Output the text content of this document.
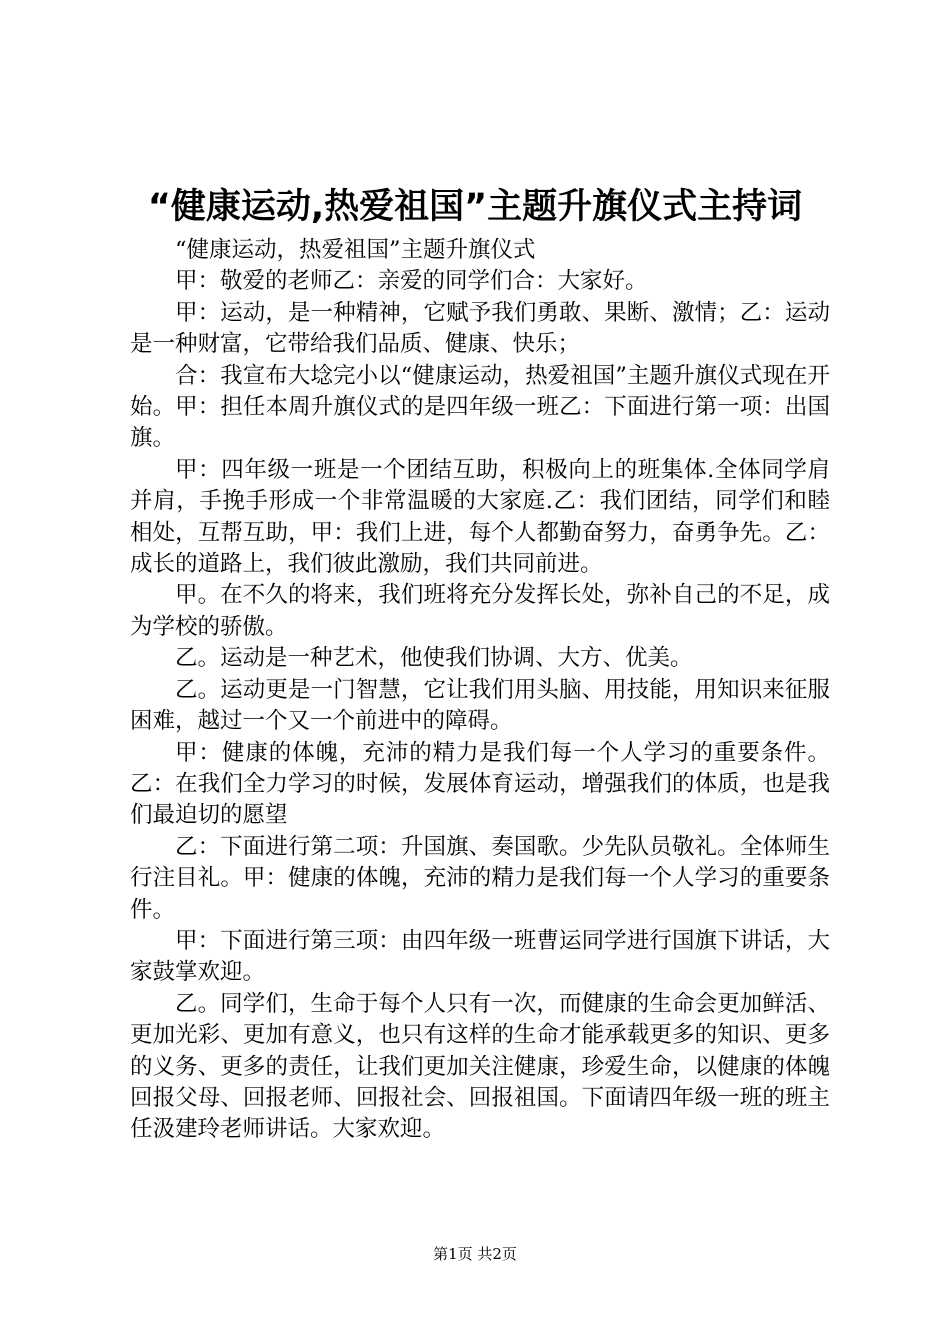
“健康运动,热爱祖国”主题升旗仪式主持词

“健康运动，热爱祖国”主题升旗仪式

甲：敬爱的老师乙：亲爱的同学们合：大家好。

甲：运动，是一种精神，它赋予我们勇敢、果断、激情；乙：运动是一种财富，它带给我们品质、健康、快乐；

合：我宣布大埝完小以“健康运动，热爱祖国”主题升旗仪式现在开始。甲：担任本周升旗仪式的是四年级一班乙：下面进行第一项：出国旗。

甲：四年级一班是一个团结互助，积极向上的班集体.全体同学肩并肩，手挽手形成一个非常温暖的大家庭.乙：我们团结，同学们和睦相处，互帮互助，甲：我们上进，每个人都勤奋努力，奋勇争先。乙：成长的道路上，我们彼此激励，我们共同前进。

甲。在不久的将来，我们班将充分发挥长处，弥补自己的不足，成为学校的骄傲。

乙。运动是一种艺术，他使我们协调、大方、优美。

乙。运动更是一门智慧，它让我们用头脑、用技能，用知识来征服困难，越过一个又一个前进中的障碍。

甲：健康的体魄，充沛的精力是我们每一个人学习的重要条件。乙：在我们全力学习的时候，发展体育运动，增强我们的体质，也是我们最迫切的愿望

乙：下面进行第二项：升国旗、奏国歌。少先队员敬礼。全体师生行注目礼。甲：健康的体魄，充沛的精力是我们每一个人学习的重要条件。

甲：下面进行第三项：由四年级一班曹运同学进行国旗下讲话，大家鼓掌欢迎。

乙。同学们，生命于每个人只有一次，而健康的生命会更加鲜活、更加光彩、更加有意义，也只有这样的生命才能承载更多的知识、更多的义务、更多的责任，让我们更加关注健康，珍爱生命，以健康的体魄回报父母、回报老师、回报社会、回报祖国。下面请四年级一班的班主任汲建玲老师讲话。大家欢迎。

第1页 共2页
